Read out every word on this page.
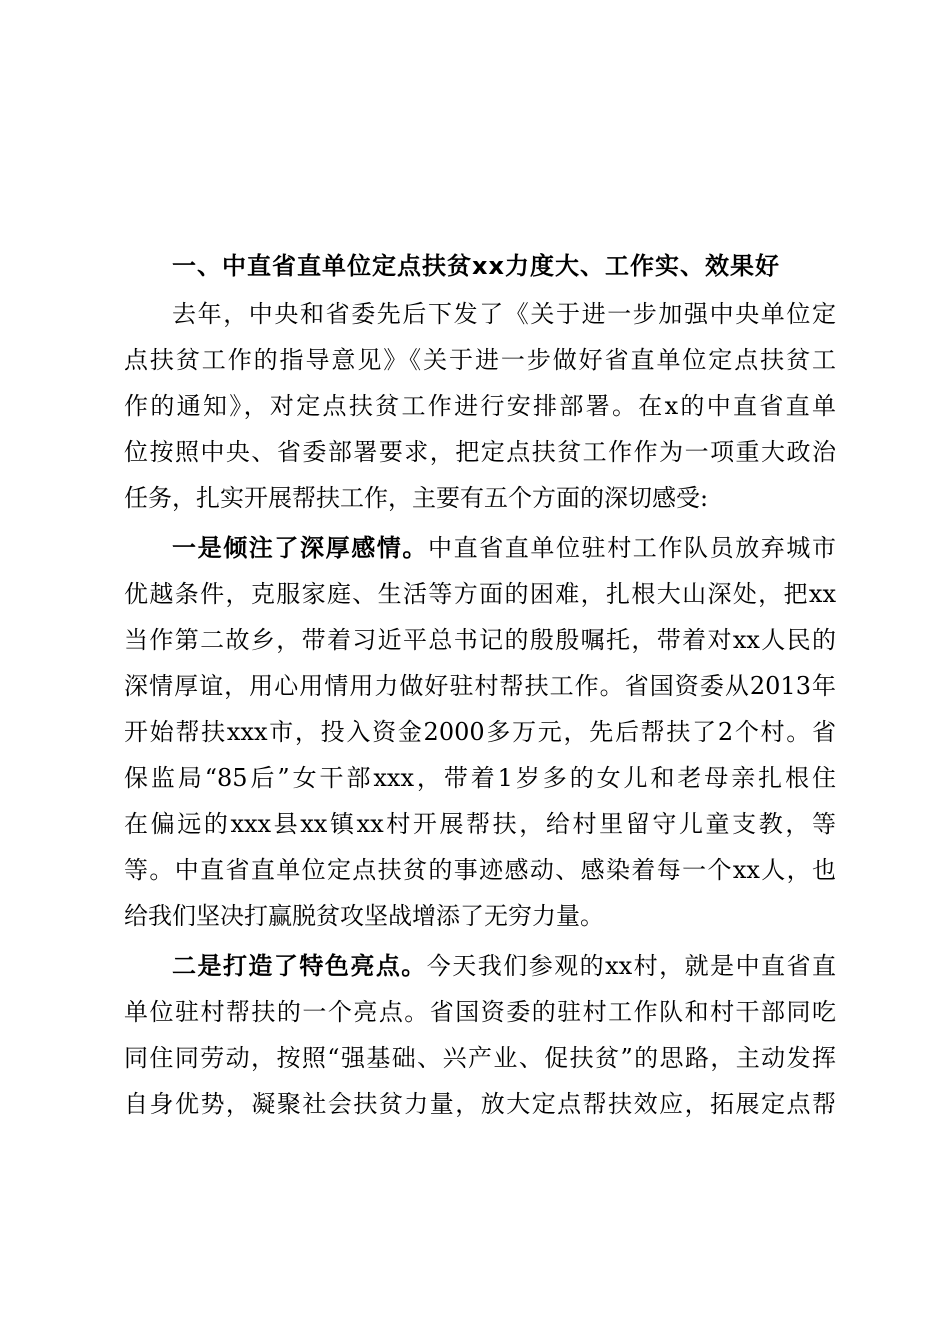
一、中直省直单位定点扶贫xx力度大、工作实、效果好
去年，中央和省委先后下发了《关于进一步加强中央单位定
点扶贫工作的指导意见》《关于进一步做好省直单位定点扶贫工
作的通知》，对定点扶贫工作进行安排部署。在x的中直省直单
位按照中央、省委部署要求，把定点扶贫工作作为一项重大政治
任务，扎实开展帮扶工作，主要有五个方面的深切感受:
一是倾注了深厚感情。中直省直单位驻村工作队员放弃城市
优越条件，克服家庭、生活等方面的困难，扎根大山深处，把xx
当作第二故乡，带着习近平总书记的殷殷嘱托，带着对xx人民的
深情厚谊，用心用情用力做好驻村帮扶工作。省国资委从2013年
开始帮扶xxx市，投入资金2000多万元，先后帮扶了2个村。省
保监局“85后”女干部xxx，带着1岁多的女儿和老母亲扎根住
在偏远的xxx县xx镇xx村开展帮扶，给村里留守儿童支教，等
等。中直省直单位定点扶贫的事迹感动、感染着每一个xx人，也
给我们坚决打赢脱贫攻坚战增添了无穷力量。
二是打造了特色亮点。今天我们参观的xx村，就是中直省直
单位驻村帮扶的一个亮点。省国资委的驻村工作队和村干部同吃
同住同劳动，按照“强基础、兴产业、促扶贫”的思路，主动发挥
自身优势，凝聚社会扶贫力量，放大定点帮扶效应，拓展定点帮
